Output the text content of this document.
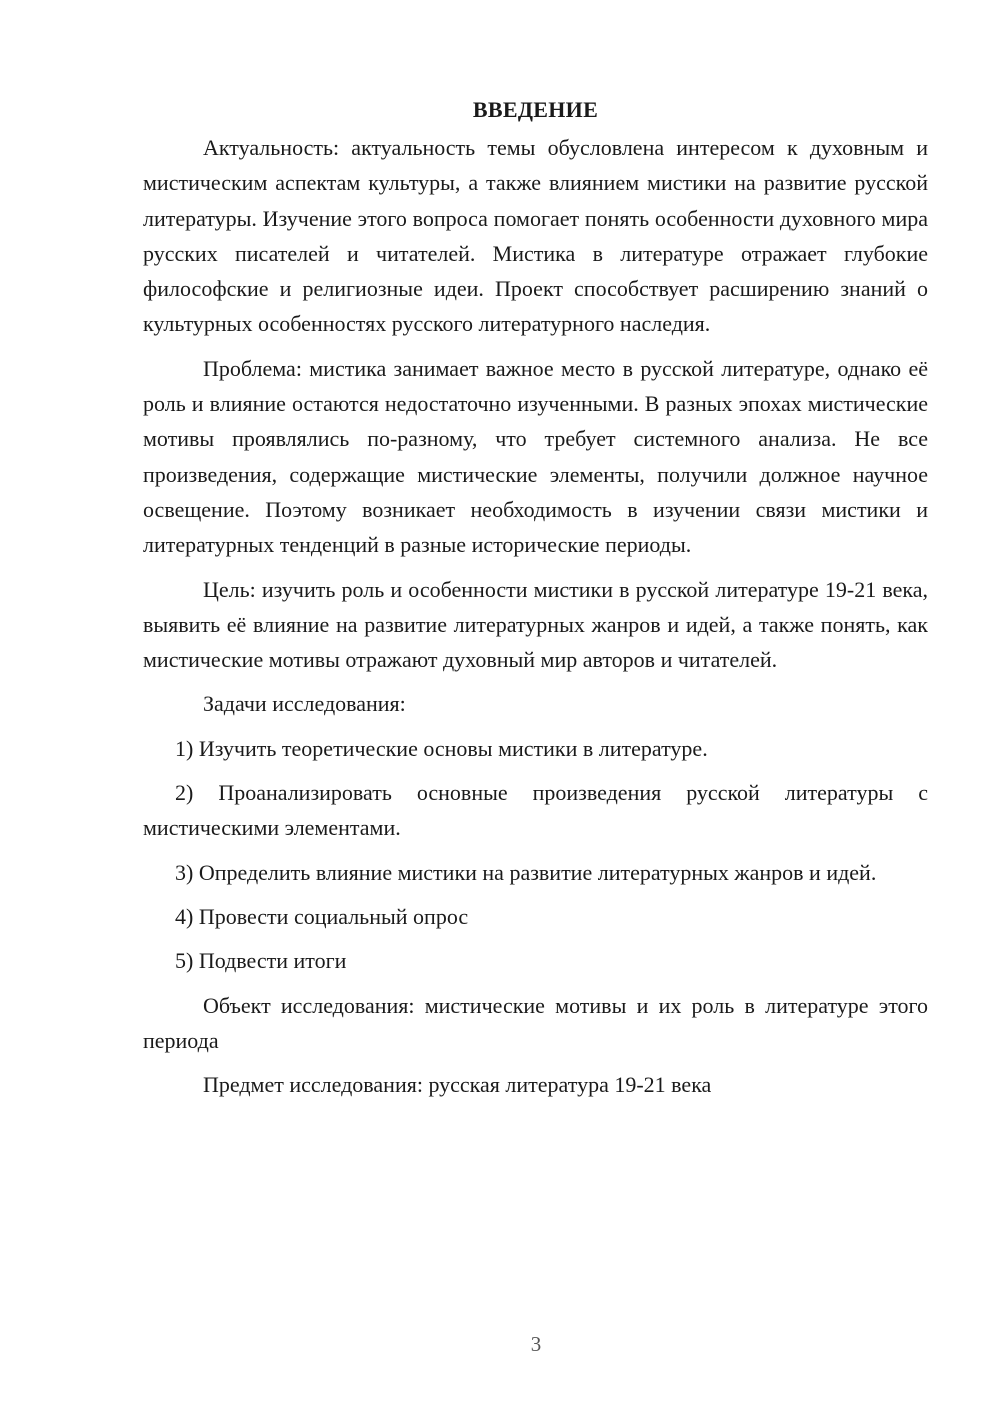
ВВЕДЕНИЕ

Актуальность: актуальность темы обусловлена интересом к духовным и мистическим аспектам культуры, а также влиянием мистики на развитие русской литературы. Изучение этого вопроса помогает понять особенности духовного мира русских писателей и читателей. Мистика в литературе отражает глубокие философские и религиозные идеи. Проект способствует расширению знаний о культурных особенностях русского литературного наследия.

Проблема: мистика занимает важное место в русской литературе, однако её роль и влияние остаются недостаточно изученными. В разных эпохах мистические мотивы проявлялись по-разному, что требует системного анализа. Не все произведения, содержащие мистические элементы, получили должное научное освещение. Поэтому возникает необходимость в изучении связи мистики и литературных тенденций в разные исторические периоды.

Цель: изучить роль и особенности мистики в русской литературе 19-21 века, выявить её влияние на развитие литературных жанров и идей, а также понять, как мистические мотивы отражают духовный мир авторов и читателей.

Задачи исследования:

1) Изучить теоретические основы мистики в литературе.

2) Проанализировать основные произведения русской литературы с мистическими элементами.

3) Определить влияние мистики на развитие литературных жанров и идей.

4) Провести социальный опрос

5) Подвести итоги

Объект исследования: мистические мотивы и их роль в литературе этого периода

Предмет исследования: русская литература 19-21 века

3
